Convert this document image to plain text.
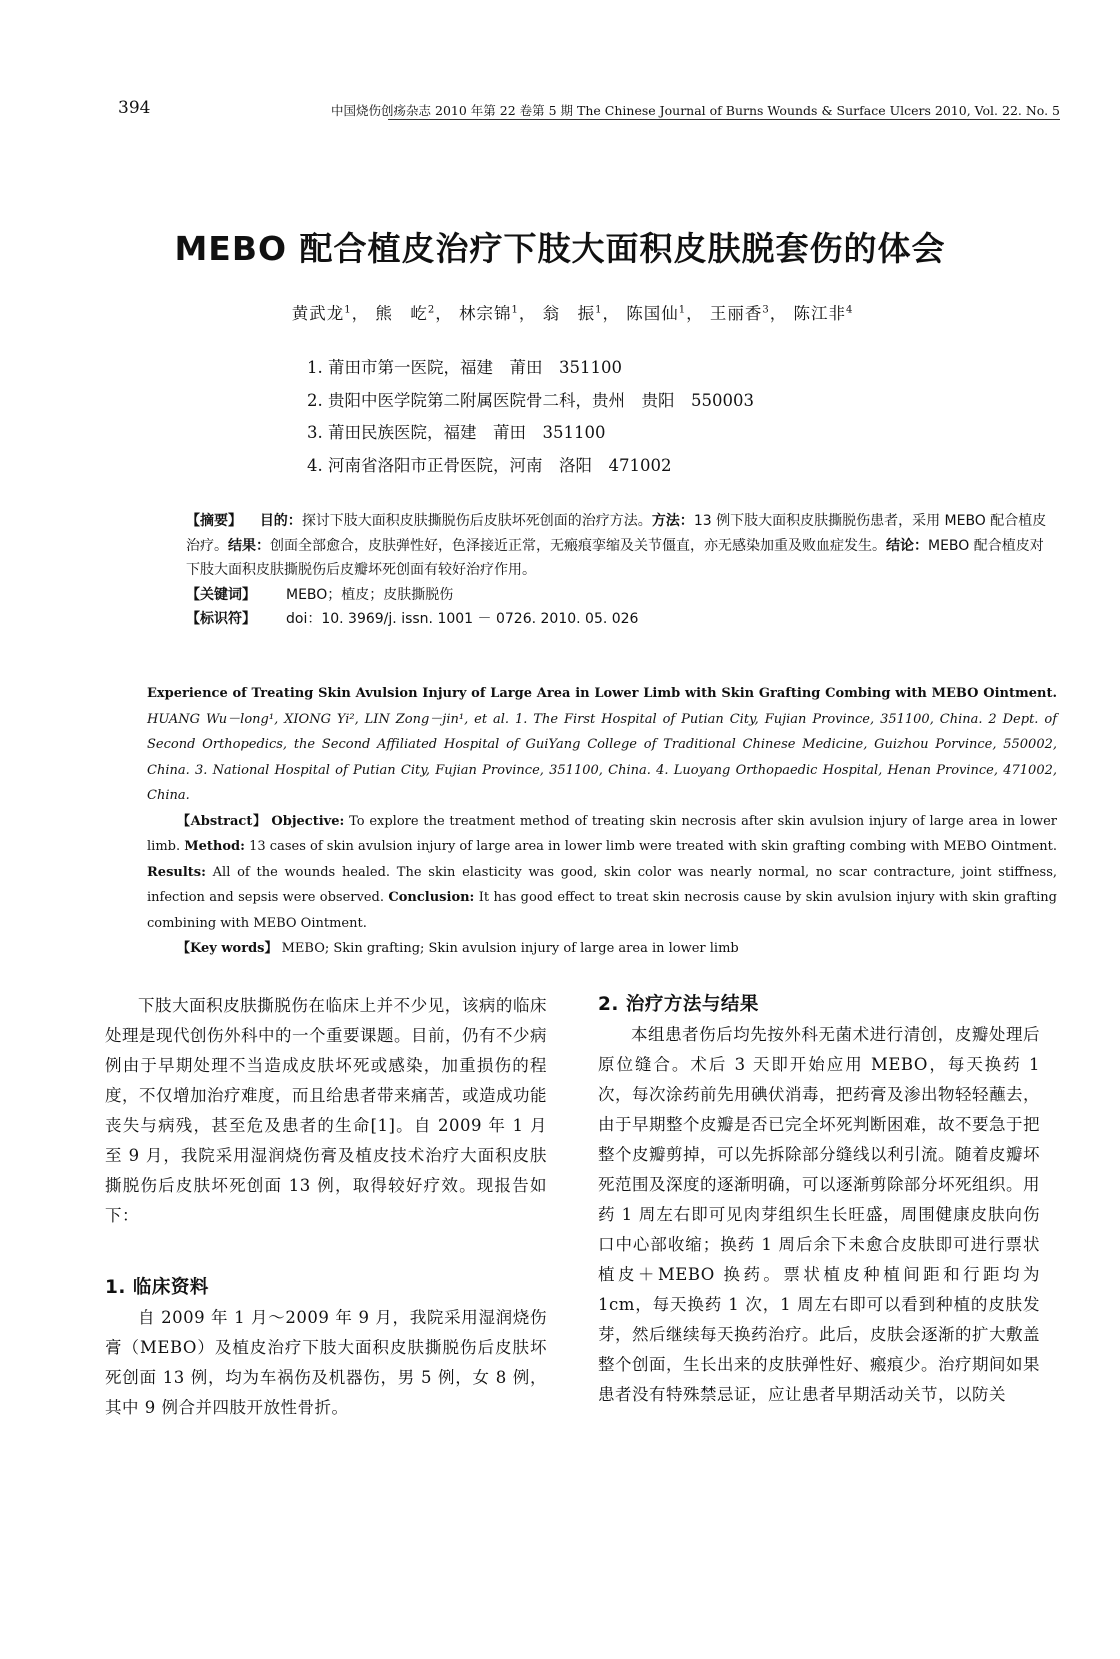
394	中国烧伤创疡杂志 2010 年第 22 卷第 5 期 The Chinese Journal of Burns Wounds & Surface Ulcers 2010, Vol. 22. No. 5
MEBO 配合植皮治疗下肢大面积皮肤脱套伤的体会
黄武龙$^1$， 熊　屹$^2$， 林宗锦$^1$， 翁　振$^1$， 陈国仙$^1$， 王丽香$^3$， 陈江非$^4$
1. 莆田市第一医院，福建　莆田　351100
2. 贵阳中医学院第二附属医院骨二科，贵州　贵阳　550003
3. 莆田民族医院，福建　莆田　351100
4. 河南省洛阳市正骨医院，河南　洛阳　471002

【摘要】 目的：探讨下肢大面积皮肤撕脱伤后皮肤坏死创面的治疗方法。方法：13 例下肢大面积皮肤撕脱伤患者，采用 MEBO 配合植皮治疗。结果：创面全部愈合，皮肤弹性好，色泽接近正常，无瘢痕挛缩及关节僵直，亦无感染加重及败血症发生。结论：MEBO 配合植皮对下肢大面积皮肤撕脱伤后皮瓣坏死创面有较好治疗作用。

【关键词】 MEBO；植皮；皮肤撕脱伤

【标识符】 doi：10. 3969/j. issn. 1001 － 0726. 2010. 05. 026

Experience of Treating Skin Avulsion Injury of Large Area in Lower Limb with Skin Grafting Combing with MEBO Ointment. HUANG Wu－long¹, XIONG Yi², LIN Zong－jin¹, et al. 1. The First Hospital of Putian City, Fujian Province, 351100, China. 2 Dept. of Second Orthopedics, the Second Affiliated Hospital of GuiYang College of Traditional Chinese Medicine, Guizhou Porvince, 550002, China. 3. National Hospital of Putian City, Fujian Province, 351100, China. 4. Luoyang Orthopaedic Hospital, Henan Province, 471002, China.

【Abstract】 Objective: To explore the treatment method of treating skin necrosis after skin avulsion injury of large area in lower limb. Method: 13 cases of skin avulsion injury of large area in lower limb were treated with skin grafting combing with MEBO Ointment. Results: All of the wounds healed. The skin elasticity was good, skin color was nearly normal, no scar contracture, joint stiffness, infection and sepsis were observed. Conclusion: It has good effect to treat skin necrosis cause by skin avulsion injury with skin grafting combining with MEBO Ointment.

【Key words】 MEBO; Skin grafting; Skin avulsion injury of large area in lower limb

下肢大面积皮肤撕脱伤在临床上并不少见，该病的临床处理是现代创伤外科中的一个重要课题。目前，仍有不少病例由于早期处理不当造成皮肤坏死或感染，加重损伤的程度，不仅增加治疗难度，而且给患者带来痛苦，或造成功能丧失与病残，甚至危及患者的生命[1]。自 2009 年 1 月至 9 月，我院采用湿润烧伤膏及植皮技术治疗大面积皮肤撕脱伤后皮肤坏死创面 13 例，取得较好疗效。现报告如下：

1. 临床资料

自 2009 年 1 月～2009 年 9 月，我院采用湿润烧伤膏（MEBO）及植皮治疗下肢大面积皮肤撕脱伤后皮肤坏死创面 13 例，均为车祸伤及机器伤，男 5 例，女 8 例，其中 9 例合并四肢开放性骨折。

2. 治疗方法与结果

本组患者伤后均先按外科无菌术进行清创，皮瓣处理后原位缝合。术后 3 天即开始应用 MEBO，每天换药 1 次，每次涂药前先用碘伏消毒，把药膏及渗出物轻轻蘸去，由于早期整个皮瓣是否已完全坏死判断困难，故不要急于把整个皮瓣剪掉，可以先拆除部分缝线以利引流。随着皮瓣坏死范围及深度的逐渐明确，可以逐渐剪除部分坏死组织。用药 1 周左右即可见肉芽组织生长旺盛，周围健康皮肤向伤口中心部收缩；换药 1 周后余下未愈合皮肤即可进行票状植皮＋MEBO 换药。票状植皮种植间距和行距均为 1cm，每天换药 1 次，1 周左右即可以看到种植的皮肤发芽，然后继续每天换药治疗。此后，皮肤会逐渐的扩大敷盖整个创面，生长出来的皮肤弹性好、瘢痕少。治疗期间如果患者没有特殊禁忌证，应让患者早期活动关节，以防关
